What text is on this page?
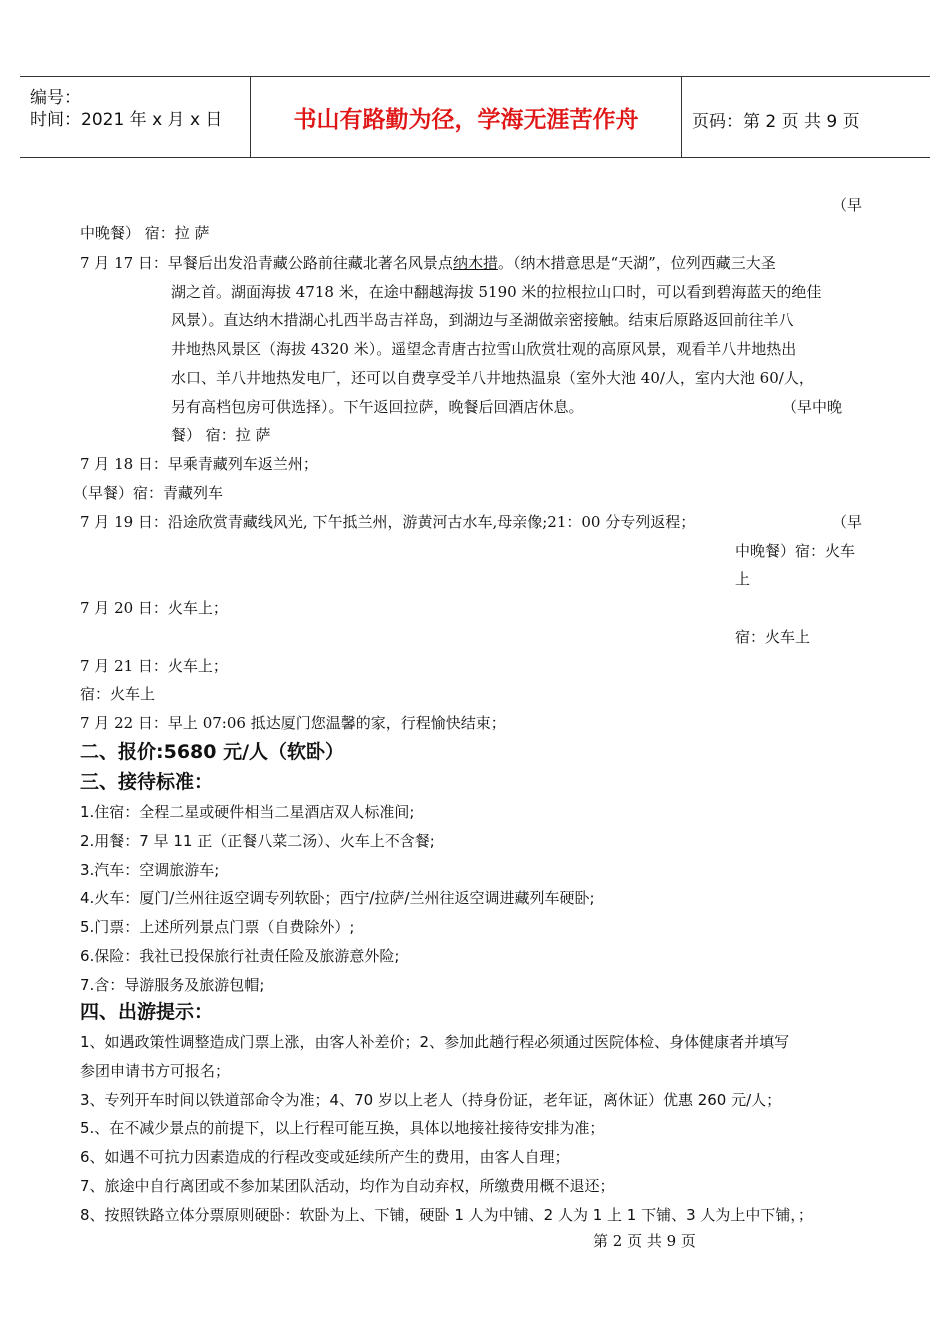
编号：
时间：2021 年 x 月 x 日	书山有路勤为径，学海无涯苦作舟	页码：第 2 页 共 9 页
（早
中晚餐） 宿：拉 萨
7 月 17 日：早餐后出发沿青藏公路前往藏北著名风景点纳木措。（纳木措意思是“天湖”，位列西藏三大圣
湖之首。湖面海拔 4718 米，在途中翻越海拔 5190 米的拉根拉山口时，可以看到碧海蓝天的绝佳
风景）。直达纳木措湖心扎西半岛吉祥岛，到湖边与圣湖做亲密接触。结束后原路返回前往羊八
井地热风景区（海拔 4320 米）。遥望念青唐古拉雪山欣赏壮观的高原风景，观看羊八井地热出
水口、羊八井地热发电厂，还可以自费享受羊八井地热温泉（室外大池 40/人，室内大池 60/人，
另有高档包房可供选择）。下午返回拉萨，晚餐后回酒店休息。	（早中晚
餐） 宿：拉 萨
7 月 18 日：早乘青藏列车返兰州；
（早餐）宿：青藏列车
7 月 19 日：沿途欣赏青藏线风光, 下午抵兰州，游黄河古水车,母亲像;21：00 分专列返程；	（早
中晚餐）宿：火车
上
7 月 20 日：火车上；
宿：火车上
7 月 21 日：火车上；
宿：火车上
7 月 22 日：早上 07:06 抵达厦门您温馨的家，行程愉快结束；
二、报价:5680 元/人（软卧）
三、接待标准：
1.住宿：全程二星或硬件相当二星酒店双人标准间;
2.用餐：7 早 11 正（正餐八菜二汤）、火车上不含餐;
3.汽车：空调旅游车;
4.火车：厦门/兰州往返空调专列软卧；西宁/拉萨/兰州往返空调进藏列车硬卧;
5.门票：上述所列景点门票（自费除外）;
6.保险：我社已投保旅行社责任险及旅游意外险;
7.含：导游服务及旅游包帽;
四、出游提示：
1、如遇政策性调整造成门票上涨，由客人补差价；2、参加此趟行程必须通过医院体检、身体健康者并填写
参团申请书方可报名；
3、专列开车时间以铁道部命令为准；4、70 岁以上老人（持身份证，老年证，离休证）优惠 260 元/人；
5.、在不减少景点的前提下，以上行程可能互换，具体以地接社接待安排为准；
6、如遇不可抗力因素造成的行程改变或延续所产生的费用，由客人自理；
7、旅途中自行离团或不参加某团队活动，均作为自动弃权，所缴费用概不退还；
8、按照铁路立体分票原则硬卧：软卧为上、下铺，硬卧 1 人为中铺、2 人为 1 上 1 下铺、3 人为上中下铺，；
第 2 页 共 9 页
